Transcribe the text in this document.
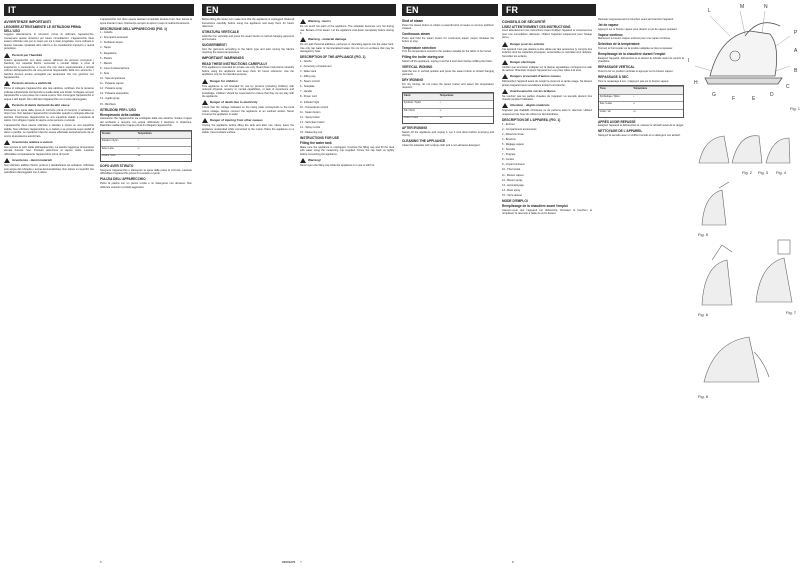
IT	EN
AVVERTENZE IMPORTANTI
LEGGERE ATTENTAMENTE LE ISTRUZIONI PRIMA DELL'USO

Leggere attentamente le istruzioni prima di utilizzare l'apparecchio. Conservare queste istruzioni per future consultazioni. L'apparecchio deve essere utilizzato solo per lo scopo per cui è stato progettato, come indicato in questo manuale. Qualsiasi altro utilizzo è da considerarsi improprio e quindi pericoloso.

Pericoli per l'bambini

Questo apparecchio non deve essere utilizzato da persone (compresi i bambini) con capacità fisiche, sensoriali o mentali ridotte, o prive di esperienza o conoscenza, a meno che non siano supervisionate o istruite sull'uso dell'apparecchio da una persona responsabile della loro sicurezza. I bambini devono essere sorvegliati per assicurarsi che non giochino con l'apparecchio.

Pericolo dovuto a elettricità

Prima di collegare l'apparecchio alla rete elettrica, verificare che la tensione indicata sull'etichetta corrisponda a quella della rete locale. Collegare sempre l'apparecchio a una presa con messa a terra. Non immergere l'apparecchio in acqua o altri liquidi. Non utilizzare l'apparecchio con il cavo danneggiato.

Pericolo di danni derivanti da altri cause

Disinserire la spina dalla presa di corrente prima di riempire il serbatoio e dopo l'uso. Non lasciare l'apparecchio incustodito quando è collegato alla rete elettrica. Posizionare l'apparecchio su una superficie stabile e resistente al calore. Non dirigere il getto di vapore verso persone o animali.

L'apparecchio deve essere utilizzato e lasciato a riposo su una superficie stabile. Non utilizzare l'apparecchio se è caduto o se presenta segni visibili di danni o perdite. Le riparazioni devono essere effettuate esclusivamente da un centro di assistenza autorizzato.

Avvertenza relativa a ustioni

Non toccare le parti calde dell'apparecchio. La piastra raggiunge temperature elevate durante l'uso. Prestare attenzione al vapore caldo. Lasciare raffreddare completamente l'apparecchio prima di riporlo.

Avvertenza - danni materiali

Non utilizzare additivi chimici, profumi o decalcificanti nel serbatoio. Utilizzare solo acqua del rubinetto o acqua demineralizzata. Non stirare su superfici che potrebbero danneggiarsi con il calore.

L'apparecchio non deve essere lasciato incustodito durante l'uso. Non ritirare la spina tirando il cavo. Disinserire sempre la spina in caso di malfunzionamento.

DESCRIZIONE DELL'APPARECCHIO (FIG. 1)

1 - Coltello

2 - Scomparto accessori

3 - Serbatoio acqua

4 - Tappo

5 - Regolatore

6 - Piastra

7 - Manico

8 - Cavo di alimentazione

9 - Spia

10 - Spia temperatura

11 - Pulsante vapore

12 - Pulsante spray

13 - Pulsante autopulizia

14 - Ugello spray

15 - Bicchiere

ISTRUZIONI PER L'USO
Riempimento della caldaia

Assicurarsi che l'apparecchio sia scollegato dalla rete elettrica. Svitare il tappo del serbatoio e riempire con acqua utilizzando il bicchiere in dotazione. Riavvitare saldamente il tappo prima di collegare l'apparecchio.

Tessuto	Temperatura
Sintetico / Nylon	•
Seta / Lana	••
Cotone / Lino	•••
DOPO AVER STIRATO

Spegnere l'apparecchio e disinserire la spina dalla presa di corrente. Lasciare raffreddare l'apparecchio prima di svuotarlo e riporlo.

PULIZIA DELL'APPARECCHIO

Pulire la piastra con un panno umido e un detergente non abrasivo. Non utilizzare solventi o prodotti aggressivi.

Before filling the steam iron make sure that the appliance is unplugged. Read all instructions carefully before using the appliance and keep them for future reference.

STIRATURA VERTICALE

Hold the iron vertically and press the steam button to refresh hanging garments and curtains.

SUGGERIMENTI

Sort the garments according to the fabric type and start ironing the fabrics requiring the lowest temperature.

IMPORTANT WARNINGS
READ THESE INSTRUCTIONS CAREFULLY

This appliance is intended for private use only. Read these instructions carefully before using the appliance and keep them for future reference. Use the appliance only for its intended purpose.

Danger for children

This appliance is not intended for use by persons (including children) with reduced physical, sensory or mental capabilities, or lack of experience and knowledge. Children should be supervised to ensure that they do not play with the appliance.

Danger of death due to electricity

Check that the voltage indicated on the rating plate corresponds to the local mains voltage. Always connect the appliance to an earthed socket. Never immerse the appliance in water.

Danger of injuring from other causes

Unplug the appliance before filling the tank and after use. Never leave the appliance unattended while connected to the mains. Place the appliance on a stable, heat-resistant surface.

Warning - burns

Do not touch hot parts of the appliance. The soleplate becomes very hot during use. Beware of hot steam. Let the appliance cool down completely before storing it.

Warning - material damage

Do not add chemical additives, perfumes or descaling agents into the water tank. Use only tap water or demineralised water. Do not iron on surfaces that may be damaged by heat.

DESCRIPTION OF THE APPLIANCE (FIG. 1)

1 - Nozzle

2 - Accessory compartment

3 - Water tank

4 - Filling cap

5 - Steam control

6 - Soleplate

7 - Handle

8 - Power cord

9 - Indicator light

10 - Temperature control

11 - Steam button

12 - Spray button

13 - Self-clean button

14 - Spray nozzle

15 - Measuring cup

INSTRUCTIONS FOR USE
Filling the water tank

Make sure the appliance is unplugged. Unscrew the filling cap and fill the tank with water using the measuring cup supplied. Screw the cap back on tightly before connecting the appliance.

Warning!

Never open the filling cap while the appliance is in use or still hot.

6	23001270 7
EN	FR
Shot of steam

Press the steam button to obtain a powerful shot of steam to remove stubborn creases.

Continuous steam

Press and hold the steam button for continuous steam output. Release the button to stop.

Temperature selection

Turn the temperature control to the position suitable for the fabric to be ironed.

Filling the boiler during use

Switch off the appliance, unplug it and let it cool down before refilling the boiler.

VERTICAL IRONING

Hold the iron in vertical position and press the steam button to refresh hanging garments.

DRY IRONING

For dry ironing, do not press the steam button and select the temperature required.

Fabric	Temperature
Synthetic / Nylon	•
Silk / Wool	••
Cotton / Linen	•••
AFTER IRONING

Switch off the appliance and unplug it. Let it cool down before emptying and storing.

CLEANING THE APPLIANCE

Clean the soleplate with a damp cloth and a non-abrasive detergent.

CONSEILS DE SÉCURITÉ
LISEZ ATTENTIVEMENT CES INSTRUCTIONS

Lisez attentivement ces instructions avant d'utiliser l'appareil et conservez-les pour une consultation ultérieure. Utilisez l'appareil uniquement pour l'usage prévu.

Danger pour les enfants

Cet appareil n'est pas destiné à être utilisé par des personnes (y compris des enfants) dont les capacités physiques, sensorielles ou mentales sont réduites. Surveillez les enfants.

Danger électrique

Vérifiez que la tension indiquée sur la plaque signalétique correspond à celle du secteur. Branchez toujours l'appareil sur une prise reliée à la terre.

Dangers provenant d'autres causes

Débranchez l'appareil avant de remplir le réservoir et après usage. Ne laissez jamais l'appareil sans surveillance lorsqu'il est branché.

Avertissements sur les brûlures

Ne touchez pas les parties chaudes de l'appareil. La semelle devient très chaude pendant l'utilisation.

Attention - dégâts matériels

N'ajoutez pas d'additifs chimiques ou de parfums dans le réservoir. Utilisez uniquement de l'eau du robinet ou déminéralisée.

DESCRIPTION DE L'APPAREIL (FIG. 1)

1 - Embout

2 - Compartiment accessoires

3 - Réservoir d'eau

4 - Bouchon

5 - Réglage vapeur

6 - Semelle

7 - Poignée

8 - Cordon

9 - Voyant lumineux

10 - Thermostat

11 - Bouton vapeur

12 - Bouton spray

13 - Autonettoyage

14 - Buse spray

15 - Verre doseur

MODE D'EMPLOI
Remplissage de la chaudière avant l'emploi

Assurez-vous que l'appareil est débranché. Dévissez le bouchon et remplissez le réservoir à l'aide du verre doseur.

Revissez soigneusement le bouchon avant de brancher l'appareil.

Jet de vapeur

Appuyez sur le bouton vapeur pour obtenir un jet de vapeur puissant.

Vapeur continue

Maintenez le bouton vapeur enfoncé pour une vapeur continue.

Sélection de la température

Tournez le thermostat sur la position adaptée au tissu à repasser.

Remplissage de la chaudière durant l'emploi

Éteignez l'appareil, débranchez-le et laissez-le refroidir avant de remplir la chaudière.

REPASSAGE VERTICAL

Tenez le fer en position verticale et appuyez sur le bouton vapeur.

REPASSAGE À SEC

Pour le repassage à sec, n'appuyez pas sur le bouton vapeur.

Tissu	Température
Synthétique / Nylon	•
Soie / Laine	••
Coton / Lin	•••
APRÈS AVOIR REPASSÉ

Éteignez l'appareil et débranchez-le. Laissez-le refroidir avant de le ranger.

NETTOYAGE DE L'APPAREIL

Nettoyez la semelle avec un chiffon humide et un détergent non abrasif.

Fig. 1
L
M	N
P
I
H
G
F	E
D
C
B
A
Fig. 2 Fig. 3 Fig. 4
Fig. 5
Fig. 6	Fig. 7
Fig. 8
8
